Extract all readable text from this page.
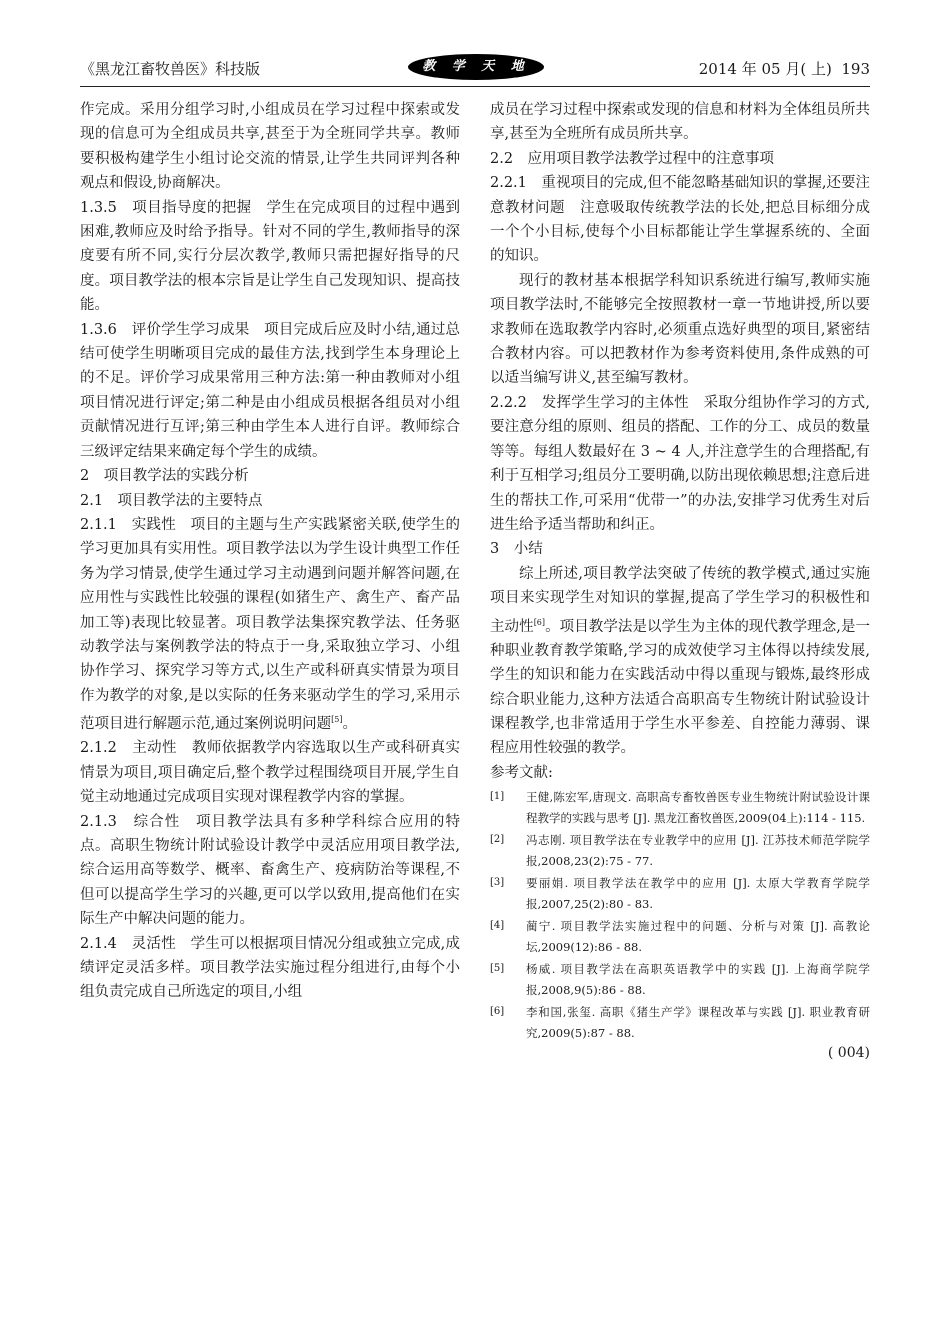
《黑龙江畜牧兽医》科技版	教 学 天 地	2014 年 05 月( 上) 193

作完成。采用分组学习时,小组成员在学习过程中探索或发现的信息可为全组成员共享,甚至于为全班同学共享。教师要积极构建学生小组讨论交流的情景,让学生共同评判各种观点和假设,协商解决。

1.3.5　项目指导度的把握　学生在完成项目的过程中遇到困难,教师应及时给予指导。针对不同的学生,教师指导的深度要有所不同,实行分层次教学,教师只需把握好指导的尺度。项目教学法的根本宗旨是让学生自己发现知识、提高技能。

1.3.6　评价学生学习成果　项目完成后应及时小结,通过总结可使学生明晰项目完成的最佳方法,找到学生本身理论上的不足。评价学习成果常用三种方法:第一种由教师对小组项目情况进行评定;第二种是由小组成员根据各组员对小组贡献情况进行互评;第三种由学生本人进行自评。教师综合三级评定结果来确定每个学生的成绩。

2　项目教学法的实践分析

2.1　项目教学法的主要特点

2.1.1　实践性　项目的主题与生产实践紧密关联,使学生的学习更加具有实用性。项目教学法以为学生设计典型工作任务为学习情景,使学生通过学习主动遇到问题并解答问题,在应用性与实践性比较强的课程(如猪生产、禽生产、畜产品加工等)表现比较显著。项目教学法集探究教学法、任务驱动教学法与案例教学法的特点于一身,采取独立学习、小组协作学习、探究学习等方式,以生产或科研真实情景为项目作为教学的对象,是以实际的任务来驱动学生的学习,采用示范项目进行解题示范,通过案例说明问题[5]。

2.1.2　主动性　教师依据教学内容选取以生产或科研真实情景为项目,项目确定后,整个教学过程围绕项目开展,学生自觉主动地通过完成项目实现对课程教学内容的掌握。

2.1.3　综合性　项目教学法具有多种学科综合应用的特点。高职生物统计附试验设计教学中灵活应用项目教学法,综合运用高等数学、概率、畜禽生产、疫病防治等课程,不但可以提高学生学习的兴趣,更可以学以致用,提高他们在实际生产中解决问题的能力。

2.1.4　灵活性　学生可以根据项目情况分组或独立完成,成绩评定灵活多样。项目教学法实施过程分组进行,由每个小组负责完成自己所选定的项目,小组

成员在学习过程中探索或发现的信息和材料为全体组员所共享,甚至为全班所有成员所共享。

2.2　应用项目教学法教学过程中的注意事项

2.2.1　重视项目的完成,但不能忽略基础知识的掌握,还要注意教材问题　注意吸取传统教学法的长处,把总目标细分成一个个小目标,使每个小目标都能让学生掌握系统的、全面的知识。

现行的教材基本根据学科知识系统进行编写,教师实施项目教学法时,不能够完全按照教材一章一节地讲授,所以要求教师在选取教学内容时,必须重点选好典型的项目,紧密结合教材内容。可以把教材作为参考资料使用,条件成熟的可以适当编写讲义,甚至编写教材。

2.2.2　发挥学生学习的主体性　采取分组协作学习的方式,要注意分组的原则、组员的搭配、工作的分工、成员的数量等等。每组人数最好在 3 ~ 4 人,并注意学生的合理搭配,有利于互相学习;组员分工要明确,以防出现依赖思想;注意后进生的帮扶工作,可采用“优带一”的办法,安排学习优秀生对后进生给予适当帮助和纠正。

3　小结

综上所述,项目教学法突破了传统的教学模式,通过实施项目来实现学生对知识的掌握,提高了学生学习的积极性和主动性[6]。项目教学法是以学生为主体的现代教学理念,是一种职业教育教学策略,学习的成效使学习主体得以持续发展,学生的知识和能力在实践活动中得以重现与锻炼,最终形成综合职业能力,这种方法适合高职高专生物统计附试验设计课程教学,也非常适用于学生水平参差、自控能力薄弱、课程应用性较强的教学。

参考文献:

[1]	王健,陈宏军,唐现文. 高职高专畜牧兽医专业生物统计附试验设计课程教学的实践与思考 [J]. 黑龙江畜牧兽医,2009(04上):114 - 115.
[2]	冯志刚. 项目教学法在专业教学中的应用 [J]. 江苏技术师范学院学报,2008,23(2):75 - 77.
[3]	要丽娟. 项目教学法在教学中的应用 [J]. 太原大学教育学院学报,2007,25(2):80 - 83.
[4]	蔺宁. 项目教学法实施过程中的问题、分析与对策 [J]. 高教论坛,2009(12):86 - 88.
[5]	杨威. 项目教学法在高职英语教学中的实践 [J]. 上海商学院学报,2008,9(5):86 - 88.
[6]	李和国,张玺. 高职《猪生产学》课程改革与实践 [J]. 职业教育研究,2009(5):87 - 88.
( 004)
